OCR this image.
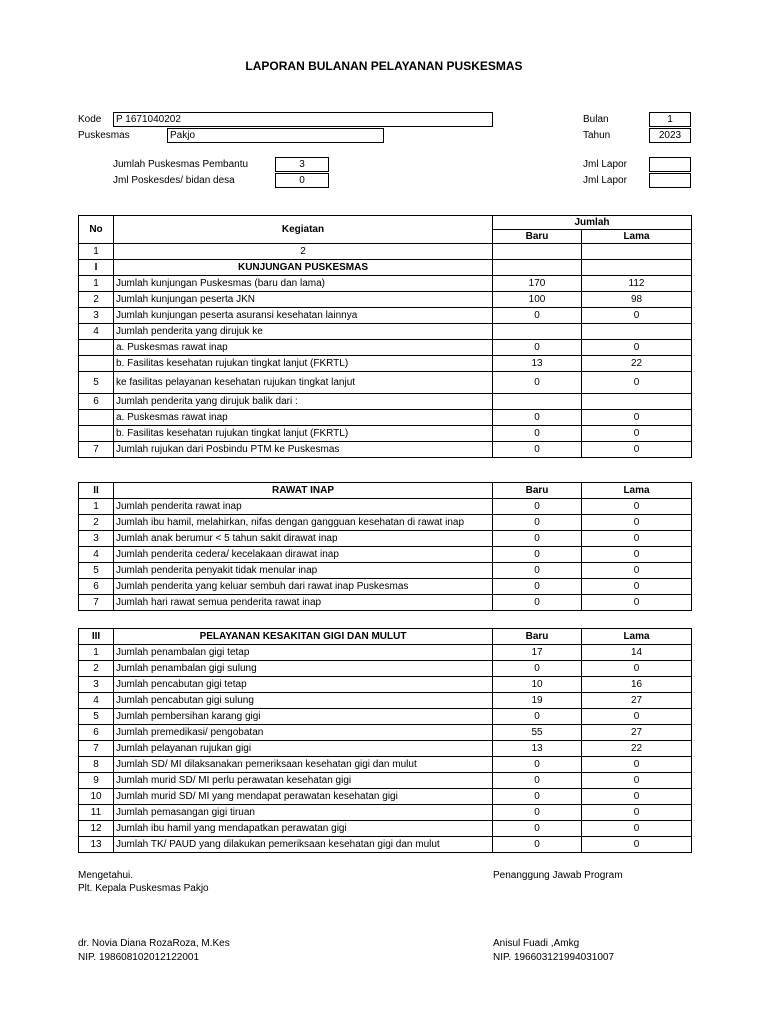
LAPORAN BULANAN PELAYANAN PUSKESMAS
Kode	P 1671040202
Puskesmas	Pakjo
Bulan	1
Tahun	2023
Jumlah Puskesmas Pembantu	3
Jml Poskesdes/ bidan desa	0
Jml Lapor
Jml Lapor
No	Kegiatan	Jumlah	
		Baru	Lama
1	2		
I	KUNJUNGAN PUSKESMAS		
1	Jumlah kunjungan Puskesmas (baru dan lama)	170	112
2	Jumlah kunjungan peserta JKN	100	98
3	Jumlah kunjungan peserta asuransi kesehatan lainnya	0	0
4	Jumlah penderita yang dirujuk ke		
	a. Puskesmas rawat inap	0	0
	b. Fasilitas kesehatan rujukan tingkat lanjut (FKRTL)	13	22
5	ke fasilitas pelayanan kesehatan rujukan tingkat lanjut	0	0
6	Jumlah penderita yang dirujuk balik dari :		
	a. Puskesmas rawat inap	0	0
	b. Fasilitas kesehatan rujukan tingkat lanjut (FKRTL)	0	0
7	Jumlah rujukan dari Posbindu PTM ke Puskesmas	0	0
II	RAWAT INAP	Baru	Lama
1	Jumlah penderita rawat inap	0	0
2	Jumlah ibu hamil, melahirkan, nifas dengan gangguan kesehatan di rawat inap	0	0
3	Jumlah anak berumur < 5 tahun sakit dirawat inap	0	0
4	Jumlah penderita cedera/ kecelakaan dirawat inap	0	0
5	Jumlah penderita penyakit tidak menular inap	0	0
6	Jumlah penderita yang keluar sembuh dari rawat inap Puskesmas	0	0
7	Jumlah hari rawat semua penderita rawat inap	0	0
III	PELAYANAN KESAKITAN GIGI DAN MULUT	Baru	Lama
1	Jumlah penambalan gigi tetap	17	14
2	Jumlah penambalan gigi sulung	0	0
3	Jumlah pencabutan gigi tetap	10	16
4	Jumlah pencabutan gigi sulung	19	27
5	Jumlah pembersihan karang gigi	0	0
6	Jumlah premedikasi/ pengobatan	55	27
7	Jumlah pelayanan rujukan gigi	13	22
8	Jumlah SD/ MI dilaksanakan pemeriksaan kesehatan gigi dan mulut	0	0
9	Jumlah murid SD/ MI perlu perawatan kesehatan gigi	0	0
10	Jumlah murid SD/ MI yang mendapat perawatan kesehatan gigi	0	0
11	Jumlah pemasangan gigi tiruan	0	0
12	Jumlah ibu hamil yang mendapatkan perawatan gigi	0	0
13	Jumlah TK/ PAUD yang dilakukan pemeriksaan kesehatan gigi dan mulut	0	0
Mengetahui.
Plt. Kepala Puskesmas Pakjo
dr. Novia Diana RozaRoza, M.Kes
NIP. 198608102012122001
Penanggung Jawab Program
Anisul Fuadi ,Amkg
NIP. 196603121994031007
